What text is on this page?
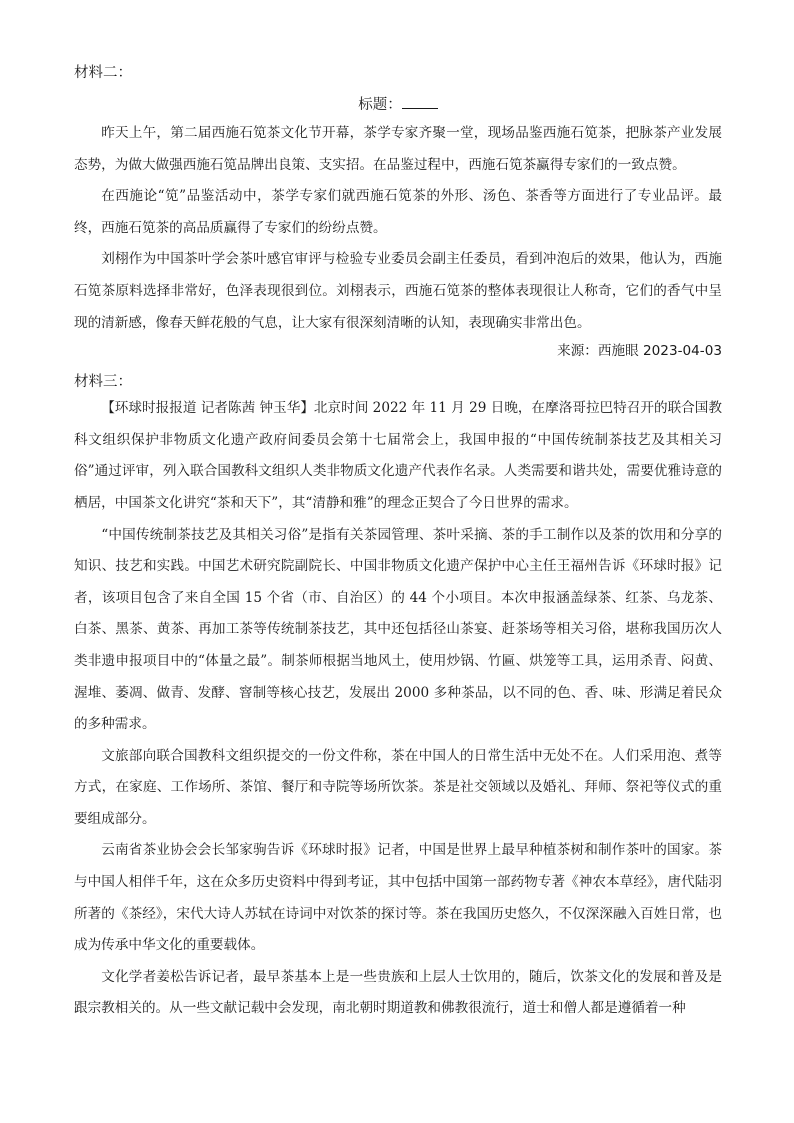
材料二：

标题：

昨天上午，第二届西施石笕茶文化节开幕，茶学专家齐聚一堂，现场品鉴西施石笕茶，把脉茶产业发展态势，为做大做强西施石笕品牌出良策、支实招。在品鉴过程中，西施石笕茶赢得专家们的一致点赞。

在西施论“笕”品鉴活动中，茶学专家们就西施石笕茶的外形、汤色、茶香等方面进行了专业品评。最终，西施石笕茶的高品质赢得了专家们的纷纷点赞。

刘栩作为中国茶叶学会茶叶感官审评与检验专业委员会副主任委员，看到冲泡后的效果，他认为，西施石笕茶原料选择非常好，色泽表现很到位。刘栩表示，西施石笕茶的整体表现很让人称奇，它们的香气中呈现的清新感，像春天鲜花般的气息，让大家有很深刻清晰的认知，表现确实非常出色。

来源：西施眼 2023-04-03

材料三：

【环球时报报道 记者陈茜 钟玉华】北京时间 2022 年 11 月 29 日晚，在摩洛哥拉巴特召开的联合国教科文组织保护非物质文化遗产政府间委员会第十七届常会上，我国申报的“中国传统制茶技艺及其相关习俗”通过评审，列入联合国教科文组织人类非物质文化遗产代表作名录。人类需要和谐共处，需要优雅诗意的栖居，中国茶文化讲究“茶和天下”，其“清静和雅”的理念正契合了今日世界的需求。

“中国传统制茶技艺及其相关习俗”是指有关茶园管理、茶叶采摘、茶的手工制作以及茶的饮用和分享的知识、技艺和实践。中国艺术研究院副院长、中国非物质文化遗产保护中心主任王福州告诉《环球时报》记者，该项目包含了来自全国 15 个省（市、自治区）的 44 个小项目。本次申报涵盖绿茶、红茶、乌龙茶、白茶、黑茶、黄茶、再加工茶等传统制茶技艺，其中还包括径山茶宴、赶茶场等相关习俗，堪称我国历次人类非遗申报项目中的“体量之最”。制茶师根据当地风土，使用炒锅、竹匾、烘笼等工具，运用杀青、闷黄、渥堆、萎凋、做青、发酵、窨制等核心技艺，发展出 2000 多种茶品，以不同的色、香、味、形满足着民众的多种需求。

文旅部向联合国教科文组织提交的一份文件称，茶在中国人的日常生活中无处不在。人们采用泡、煮等方式，在家庭、工作场所、茶馆、餐厅和寺院等场所饮茶。茶是社交领域以及婚礼、拜师、祭祀等仪式的重要组成部分。

云南省茶业协会会长邹家驹告诉《环球时报》记者，中国是世界上最早种植茶树和制作茶叶的国家。茶与中国人相伴千年，这在众多历史资料中得到考证，其中包括中国第一部药物专著《神农本草经》，唐代陆羽所著的《茶经》，宋代大诗人苏轼在诗词中对饮茶的探讨等。茶在我国历史悠久，不仅深深融入百姓日常，也成为传承中华文化的重要载体。

文化学者姜松告诉记者，最早茶基本上是一些贵族和上层人士饮用的，随后，饮茶文化的发展和普及是跟宗教相关的。从一些文献记载中会发现，南北朝时期道教和佛教很流行，道士和僧人都是遵循着一种
